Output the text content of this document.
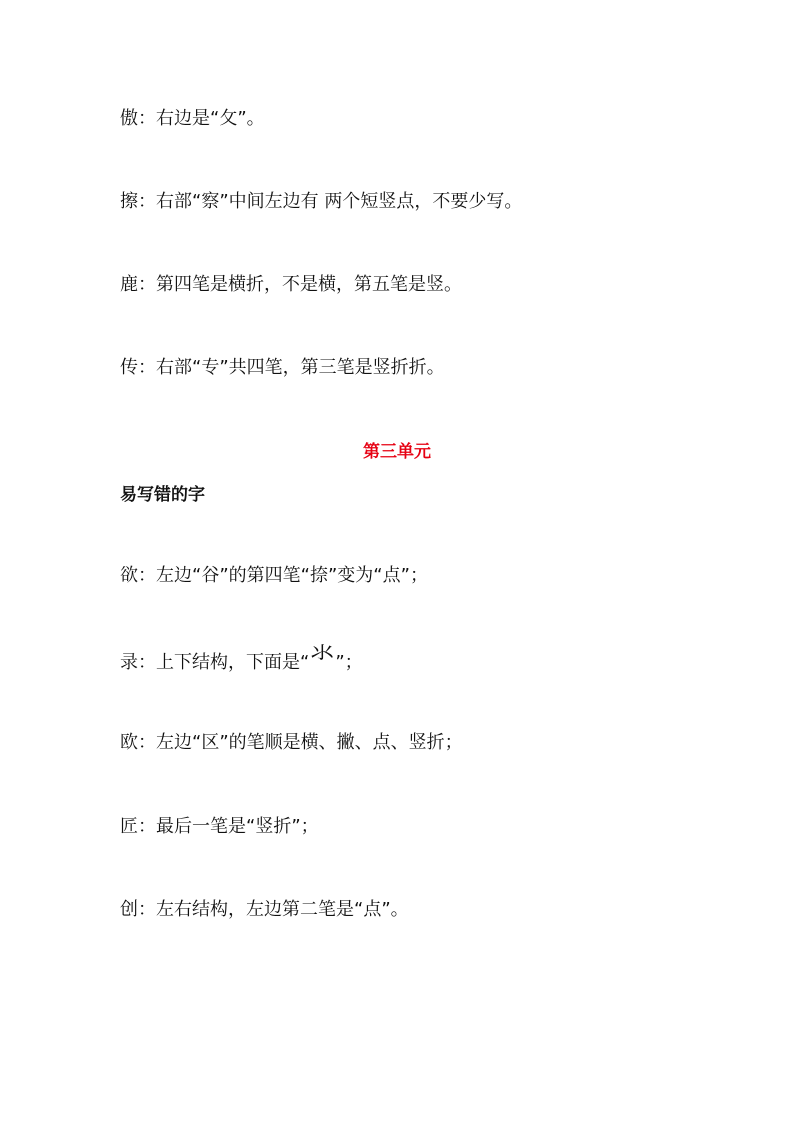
傲：右边是“攵”。
擦：右部“察”中间左边有 两个短竖点，不要少写。
鹿：第四笔是横折，不是横，第五笔是竖。
传：右部“专”共四笔，第三笔是竖折折。
第三单元
易写错的字
欲：左边“谷”的第四笔“捺”变为“点”；
录：上下结构，下面是“氺”；
欧：左边“区”的笔顺是横、撇、点、竖折；
匠：最后一笔是“竖折”；
创：左右结构，左边第二笔是“点”。
